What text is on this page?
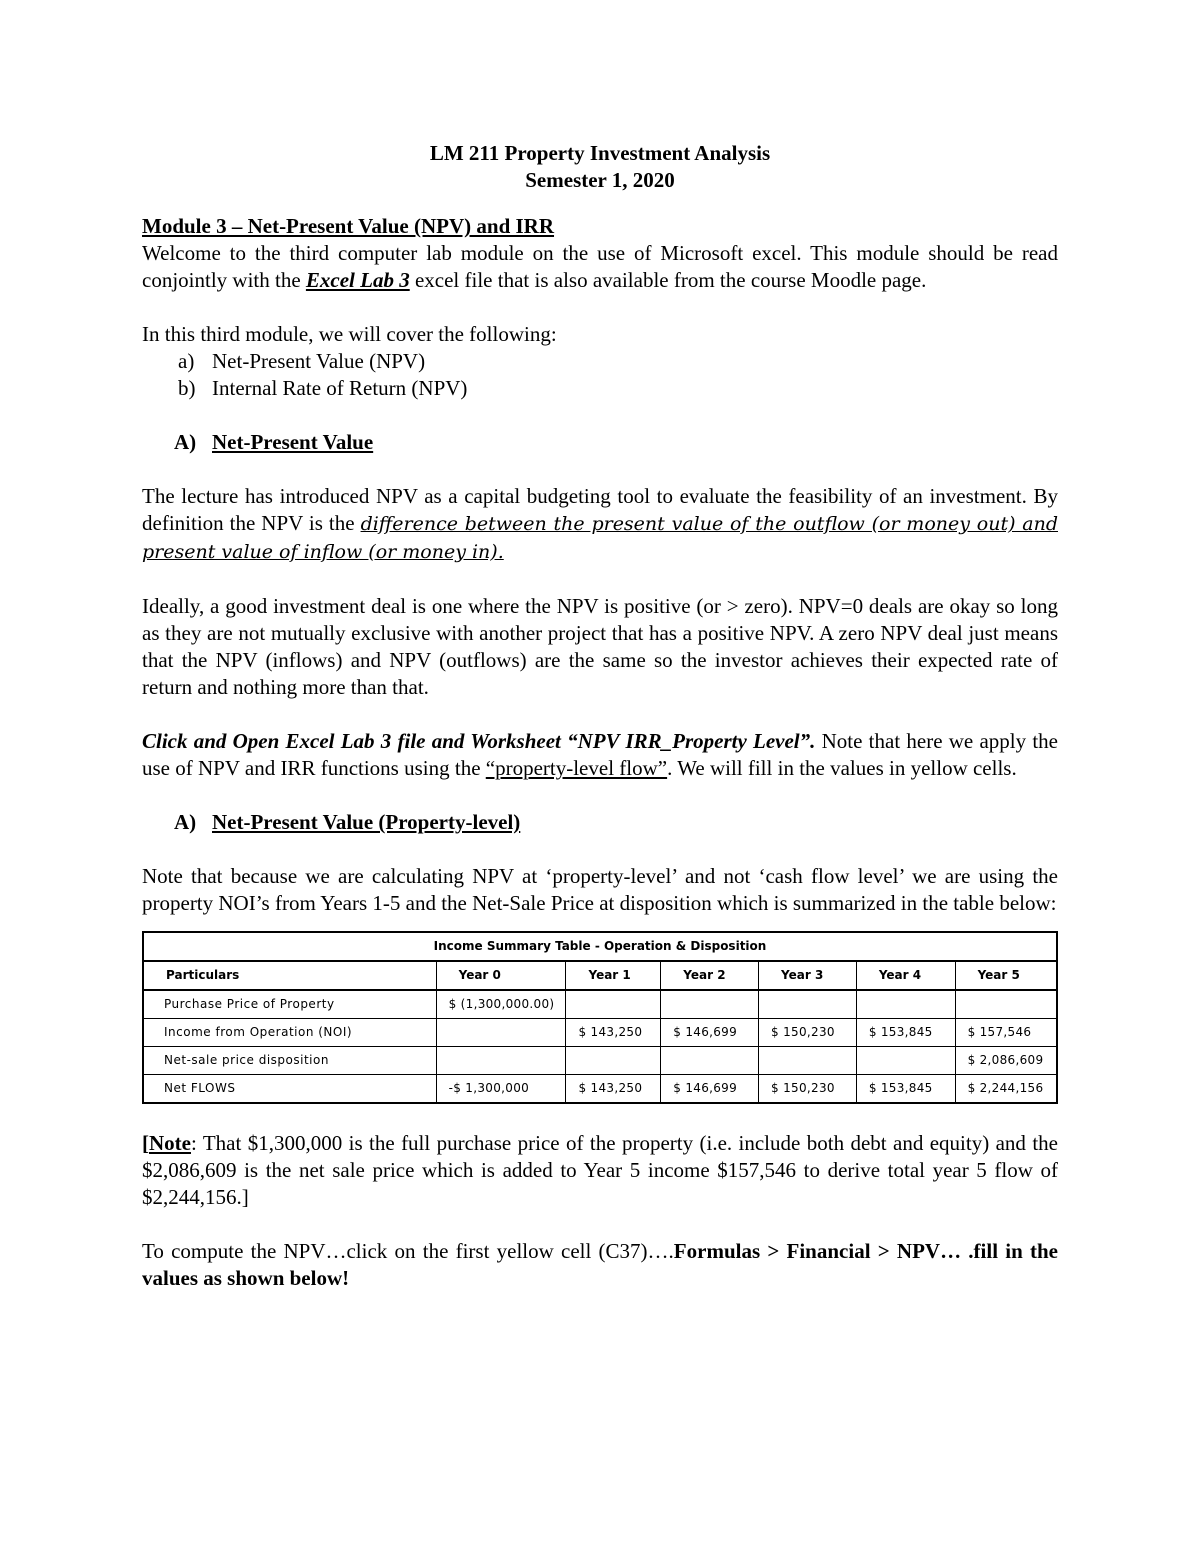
LM 211 Property Investment Analysis
Semester 1, 2020
Module 3 – Net-Present Value (NPV) and IRR

Welcome to the third computer lab module on the use of Microsoft excel. This module should be read conjointly with the Excel Lab 3 excel file that is also available from the course Moodle page.

In this third module, we will cover the following:

a) Net-Present Value (NPV)
b) Internal Rate of Return (NPV)
A) Net-Present Value

The lecture has introduced NPV as a capital budgeting tool to evaluate the feasibility of an investment. By definition the NPV is the difference between the present value of the outflow (or money out) and present value of inflow (or money in).

Ideally, a good investment deal is one where the NPV is positive (or > zero). NPV=0 deals are okay so long as they are not mutually exclusive with another project that has a positive NPV. A zero NPV deal just means that the NPV (inflows) and NPV (outflows) are the same so the investor achieves their expected rate of return and nothing more than that.

Click and Open Excel Lab 3 file and Worksheet “NPV IRR_Property Level”. Note that here we apply the use of NPV and IRR functions using the “property-level flow”. We will fill in the values in yellow cells.

A) Net-Present Value (Property-level)

Note that because we are calculating NPV at ‘property-level’ and not ‘cash flow level’ we are using the property NOI’s from Years 1-5 and the Net-Sale Price at disposition which is summarized in the table below:

Income Summary Table - Operation & Disposition						
Particulars	Year 0	Year 1	Year 2	Year 3	Year 4	Year 5
Purchase Price of Property	$ (1,300,000.00)					
Income from Operation (NOI)		$ 143,250	$ 146,699	$ 150,230	$ 153,845	$ 157,546
Net-sale price disposition						$ 2,086,609
Net FLOWS	-$ 1,300,000	$ 143,250	$ 146,699	$ 150,230	$ 153,845	$ 2,244,156

[Note: That $1,300,000 is the full purchase price of the property (i.e. include both debt and equity) and the $2,086,609 is the net sale price which is added to Year 5 income $157,546 to derive total year 5 flow of $2,244,156.]

To compute the NPV…click on the first yellow cell (C37)….Formulas > Financial > NPV… .fill in the values as shown below!
